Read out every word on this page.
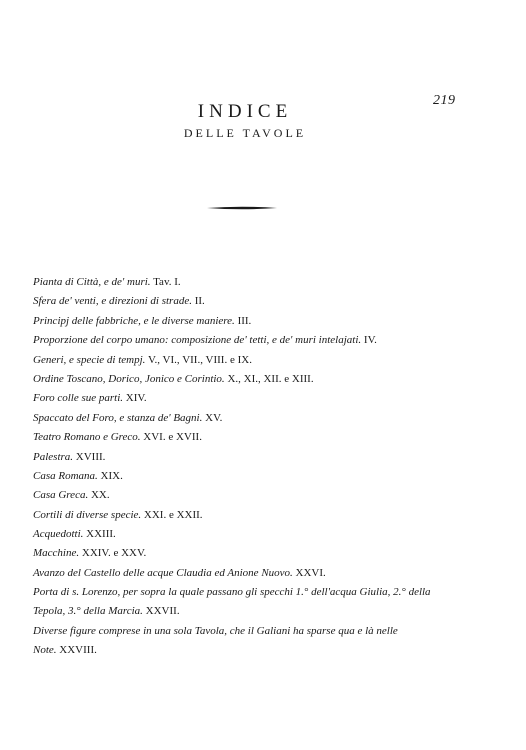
219
INDICE
DELLE TAVOLE
Pianta di Città, e de' muri. Tav. I.
Sfera de' venti, e direzioni di strade. II.
Principj delle fabbriche, e le diverse maniere. III.
Proporzione del corpo umano: composizione de' tetti, e de' muri intelajati. IV.
Generi, e specie di tempj. V., VI., VII., VIII. e IX.
Ordine Toscano, Dorico, Jonico e Corintio. X., XI., XII. e XIII.
Foro colle sue parti. XIV.
Spaccato del Foro, e stanza de' Bagni. XV.
Teatro Romano e Greco. XVI. e XVII.
Palestra. XVIII.
Casa Romana. XIX.
Casa Greca. XX.
Cortili di diverse specie. XXI. e XXII.
Acquedotti. XXIII.
Macchine. XXIV. e XXV.
Avanzo del Castello delle acque Claudia ed Anione Nuovo. XXVI.
Porta di s. Lorenzo, per sopra la quale passano gli specchi 1.° dell'acqua Giulia, 2.° della
Tepola, 3.° della Marcia. XXVII.
Diverse figure comprese in una sola Tavola, che il Galiani ha sparse qua e là nelle
Note. XXVIII.
